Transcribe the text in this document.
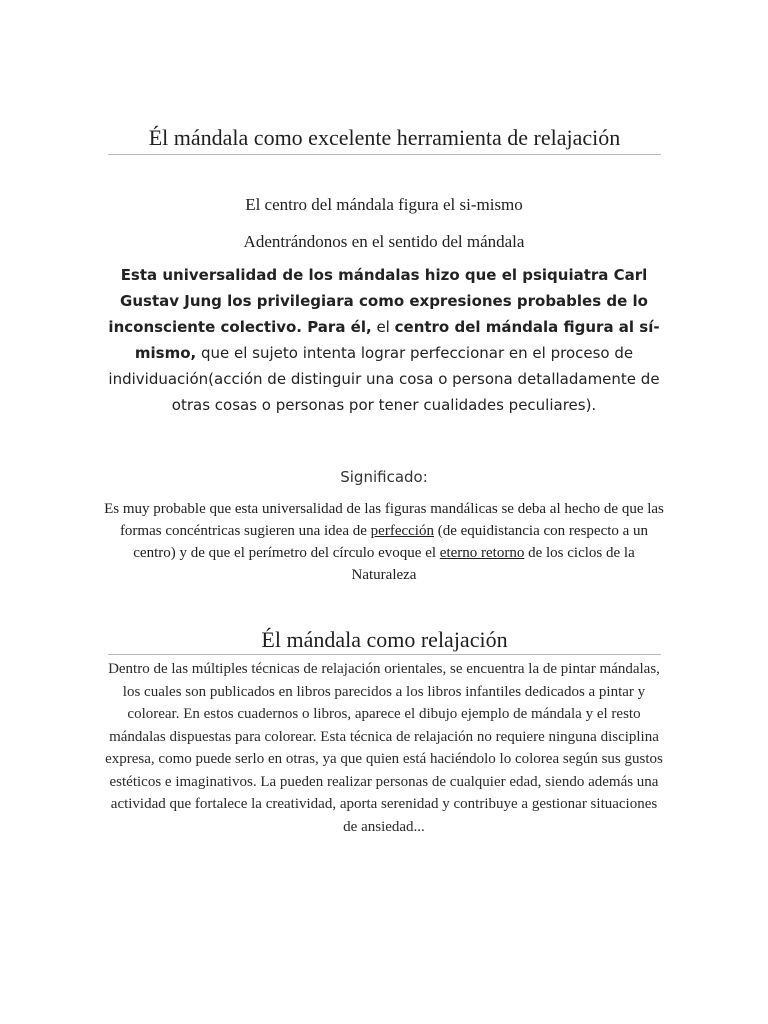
Él mándala como excelente herramienta de relajación
El centro del mándala figura el si-mismo
Adentrándonos en el sentido del mándala
Esta universalidad de los mándalas hizo que el psiquiatra Carl Gustav Jung los privilegiara como expresiones probables de lo inconsciente colectivo. Para él, el centro del mándala figura al sí-mismo, que el sujeto intenta lograr perfeccionar en el proceso de individuación(acción de distinguir una cosa o persona detalladamente de otras cosas o personas por tener cualidades peculiares).
Significado:
Es muy probable que esta universalidad de las figuras mandálicas se deba al hecho de que las formas concéntricas sugieren una idea de perfección (de equidistancia con respecto a un centro) y de que el perímetro del círculo evoque el eterno retorno de los ciclos de la Naturaleza
Él mándala como relajación
Dentro de las múltiples técnicas de relajación orientales, se encuentra la de pintar mándalas, los cuales son publicados en libros parecidos a los libros infantiles dedicados a pintar y colorear. En estos cuadernos o libros, aparece el dibujo ejemplo de mándala y el resto mándalas dispuestas para colorear. Esta técnica de relajación no requiere ninguna disciplina expresa, como puede serlo en otras, ya que quien está haciéndolo lo colorea según sus gustos estéticos e imaginativos. La pueden realizar personas de cualquier edad, siendo además una actividad que fortalece la creatividad, aporta serenidad y contribuye a gestionar situaciones de ansiedad...
